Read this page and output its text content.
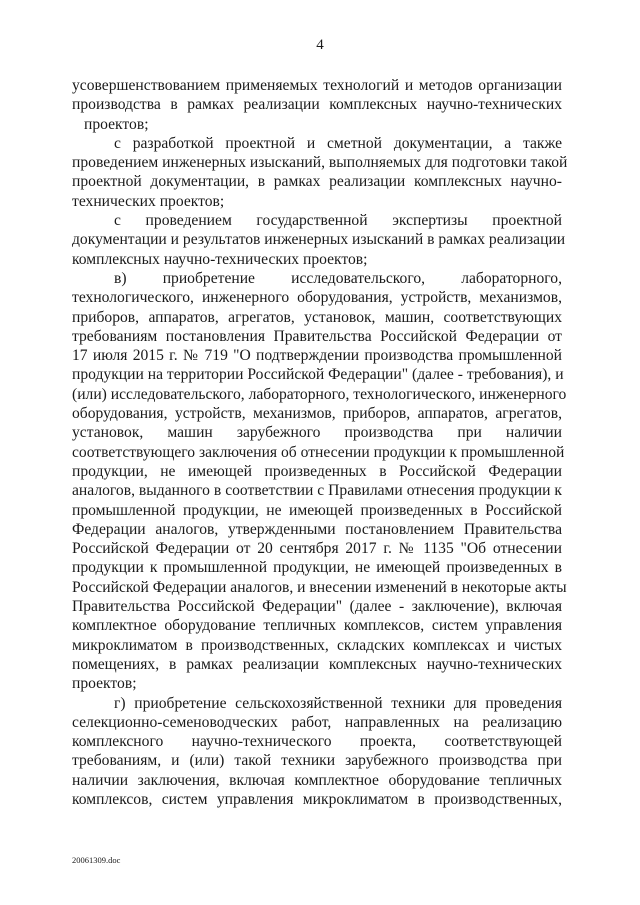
4
усовершенствованием применяемых технологий и методов организации
производства в рамках реализации комплексных научно-технических
проектов;
с разработкой проектной и сметной документации, а также
проведением инженерных изысканий, выполняемых для подготовки такой
проектной документации, в рамках реализации комплексных научно-
технических проектов;
с проведением государственной экспертизы проектной
документации и результатов инженерных изысканий в рамках реализации
комплексных научно-технических проектов;
в) приобретение исследовательского, лабораторного,
технологического, инженерного оборудования, устройств, механизмов,
приборов, аппаратов, агрегатов, установок, машин, соответствующих
требованиям постановления Правительства Российской Федерации от
17 июля 2015 г. № 719 "О подтверждении производства промышленной
продукции на территории Российской Федерации" (далее - требования), и
(или) исследовательского, лабораторного, технологического, инженерного
оборудования, устройств, механизмов, приборов, аппаратов, агрегатов,
установок, машин зарубежного производства при наличии
соответствующего заключения об отнесении продукции к промышленной
продукции, не имеющей произведенных в Российской Федерации
аналогов, выданного в соответствии с Правилами отнесения продукции к
промышленной продукции, не имеющей произведенных в Российской
Федерации аналогов, утвержденными постановлением Правительства
Российской Федерации от 20 сентября 2017 г. № 1135 "Об отнесении
продукции к промышленной продукции, не имеющей произведенных в
Российской Федерации аналогов, и внесении изменений в некоторые акты
Правительства Российской Федерации" (далее - заключение), включая
комплектное оборудование тепличных комплексов, систем управления
микроклиматом в производственных, складских комплексах и чистых
помещениях, в рамках реализации комплексных научно-технических
проектов;
г) приобретение сельскохозяйственной техники для проведения
селекционно-семеноводческих работ, направленных на реализацию
комплексного научно-технического проекта, соответствующей
требованиям, и (или) такой техники зарубежного производства при
наличии заключения, включая комплектное оборудование тепличных
комплексов, систем управления микроклиматом в производственных,
20061309.doc
